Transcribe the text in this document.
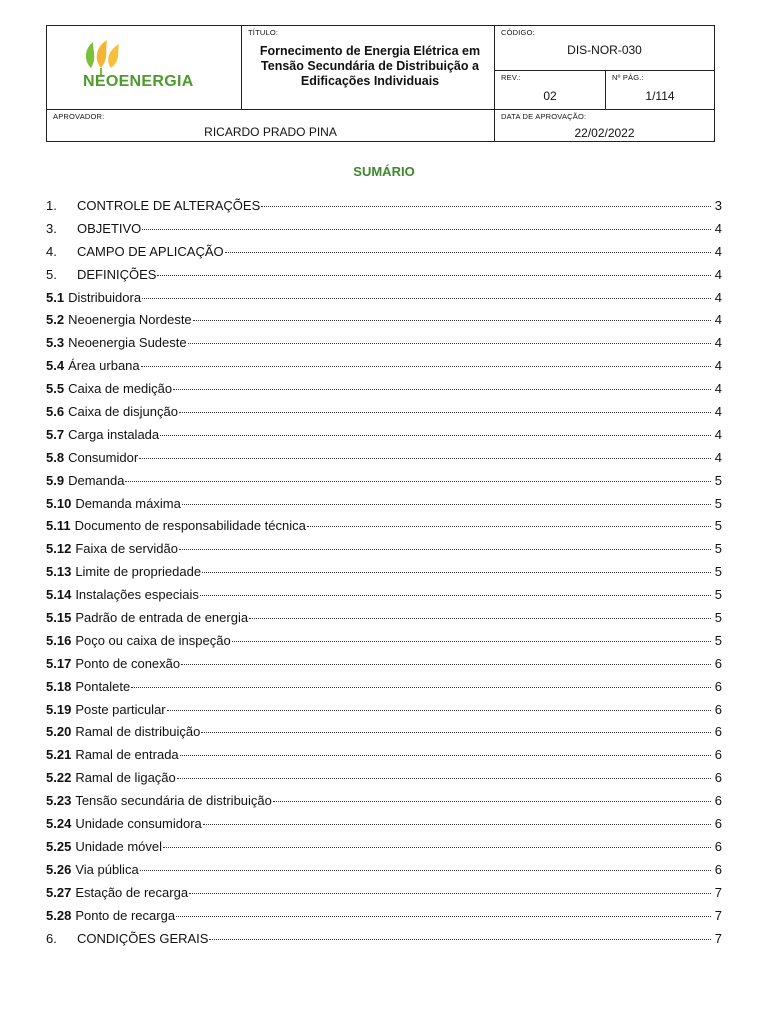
NEOENERGIA	TÍTULO:
Fornecimento de Energia Elétrica em Tensão Secundária de Distribuição a Edificações Individuais	CÓDIGO:
DIS-NOR-030	

		REV.:
02	Nº PÁG.:
1/114

APROVADOR:
RICARDO PRADO PINA		DATA DE APROVAÇÃO:
22/02/2022	
SUMÁRIO
1.	CONTROLE DE ALTERAÇÕES	3
3.	OBJETIVO	4
4.	CAMPO DE APLICAÇÃO	4
5.	DEFINIÇÕES	4
5.1 Distribuidora	4
5.2 Neoenergia Nordeste	4
5.3 Neoenergia Sudeste	4
5.4 Área urbana	4
5.5 Caixa de medição	4
5.6 Caixa de disjunção	4
5.7 Carga instalada	4
5.8 Consumidor	4
5.9 Demanda	5
5.10 Demanda máxima	5
5.11 Documento de responsabilidade técnica	5
5.12 Faixa de servidão	5
5.13 Limite de propriedade	5
5.14 Instalações especiais	5
5.15 Padrão de entrada de energia	5
5.16 Poço ou caixa de inspeção	5
5.17 Ponto de conexão	6
5.18 Pontalete	6
5.19 Poste particular	6
5.20 Ramal de distribuição	6
5.21 Ramal de entrada	6
5.22 Ramal de ligação	6
5.23 Tensão secundária de distribuição	6
5.24 Unidade consumidora	6
5.25 Unidade móvel	6
5.26 Via pública	6
5.27 Estação de recarga	7
5.28 Ponto de recarga	7
6.	CONDIÇÕES GERAIS	7
